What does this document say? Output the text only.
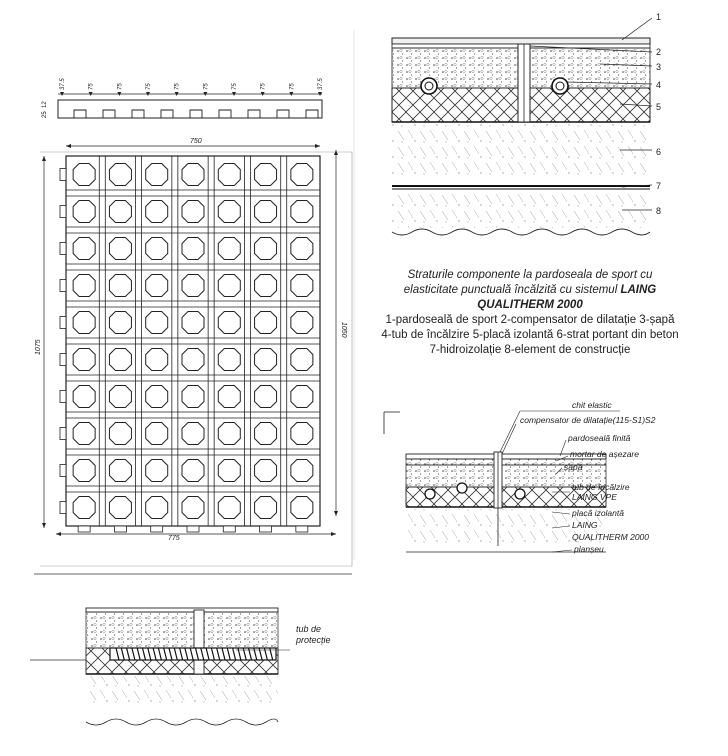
37.5	75	75	75	75	75	75	75	75	37.5
12
25
750
775
1075
1050
1
2
3
4
5
6
7
8
chit elastic
compensator de dilatație(115-S1)S2
pardoseală finită
mortar de așezare
șapă
tub de încălzire
LAING VPE
placă izolantă
LAING
QUALITHERM 2000
planșeu
tub de
protecție
Straturile componente la pardoseala de sport cu elasticitate punctuală încălzită cu sistemul LAING QUALITHERM 2000
1-pardoseală de sport 2-compensator de dilatație 3-șapă 4-tub de încălzire 5-placă izolantă 6-strat portant din beton 7-hidroizolație 8-element de construcție
